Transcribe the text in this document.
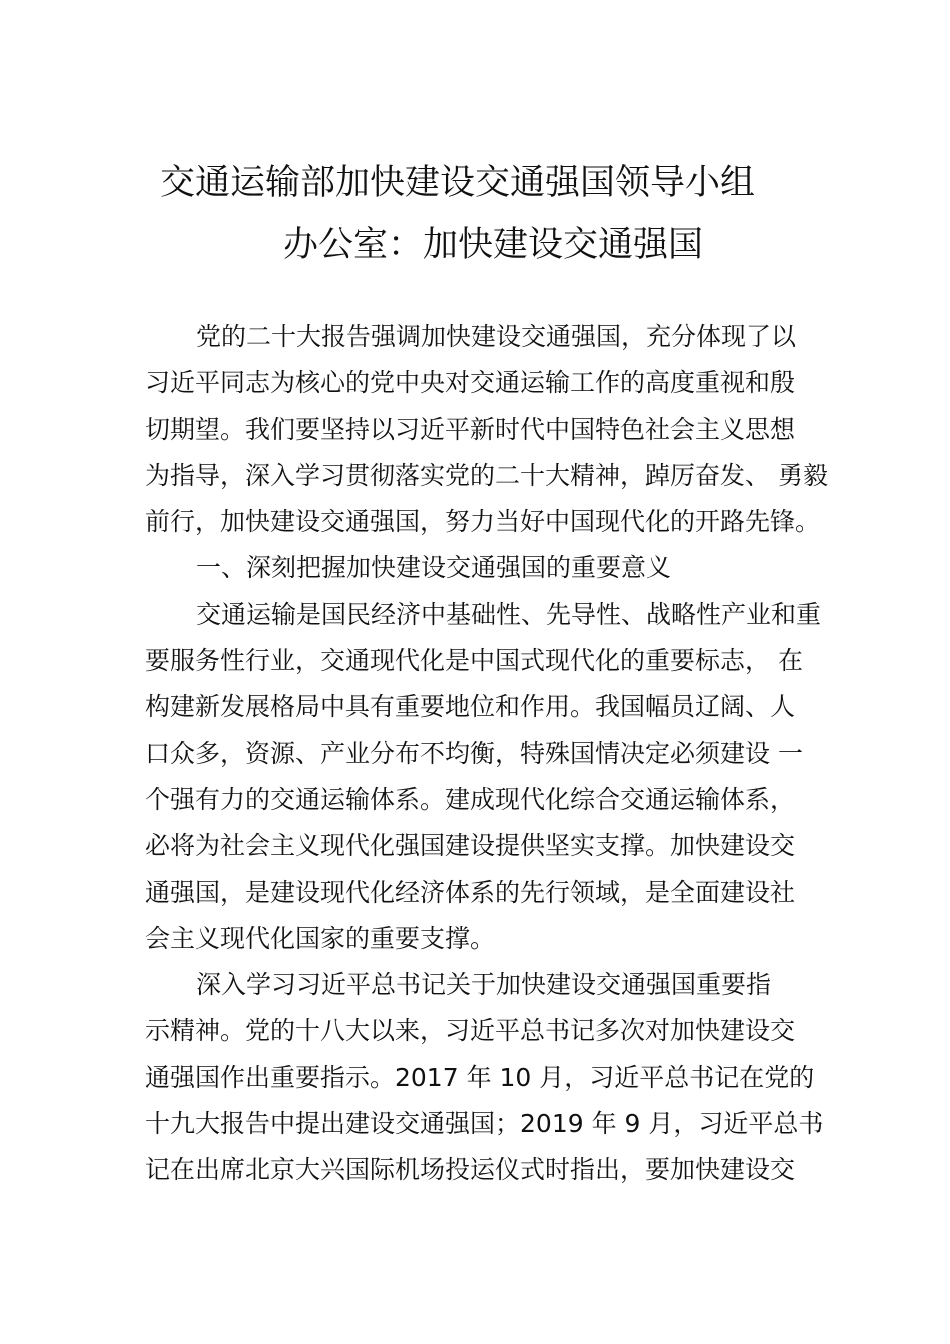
交通运输部加快建设交通强国领导小组
办公室：加快建设交通强国
党的二十大报告强调加快建设交通强国，充分体现了以
习近平同志为核心的党中央对交通运输工作的高度重视和殷
切期望。我们要坚持以习近平新时代中国特色社会主义思想
为指导，深入学习贯彻落实党的二十大精神，踔厉奋发、 勇毅
前行，加快建设交通强国，努力当好中国现代化的开路先锋。
一、深刻把握加快建设交通强国的重要意义
交通运输是国民经济中基础性、先导性、战略性产业和重
要服务性行业，交通现代化是中国式现代化的重要标志， 在
构建新发展格局中具有重要地位和作用。我国幅员辽阔、人
口众多，资源、产业分布不均衡，特殊国情决定必须建设 一
个强有力的交通运输体系。建成现代化综合交通运输体系，
必将为社会主义现代化强国建设提供坚实支撑。加快建设交
通强国，是建设现代化经济体系的先行领域，是全面建设社
会主义现代化国家的重要支撑。
深入学习习近平总书记关于加快建设交通强国重要指
示精神。党的十八大以来，习近平总书记多次对加快建设交
通强国作出重要指示。2017 年 10 月，习近平总书记在党的
十九大报告中提出建设交通强国；2019 年 9 月，习近平总书
记在出席北京大兴国际机场投运仪式时指出，要加快建设交
